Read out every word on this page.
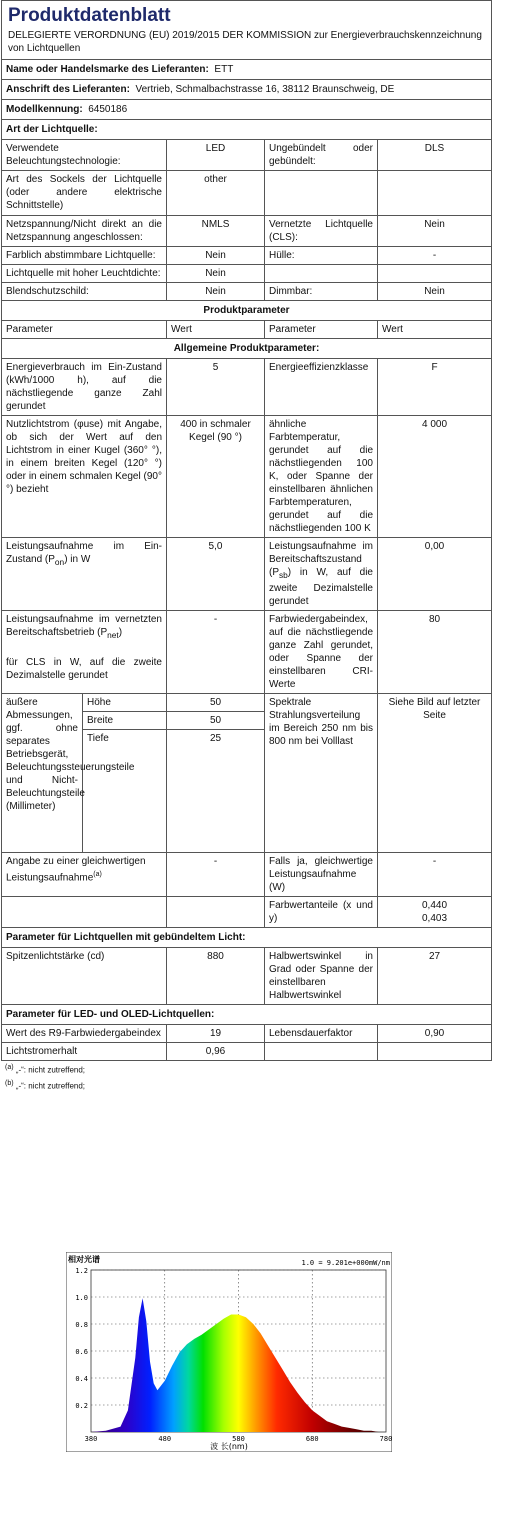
Produktdatenblatt
DELEGIERTE VERORDNUNG (EU) 2019/2015 DER KOMMISSION zur Energieverbrauchskennzeichnung von Lichtquellen				

Name oder Handelsmarke des Lieferanten: ETT				
Anschrift des Lieferanten: Vertrieb, Schmalbachstrasse 16, 38112 Braunschweig, DE				
Modellkennung: 6450186				
Art der Lichtquelle:				
Verwendete Beleuchtungstechnologie:		LED	Ungebündelt oder gebündelt:	DLS
Art des Sockels der Lichtquelle (oder andere elektrische Schnittstelle)		other		
Netzspannung/Nicht direkt an die Netzspannung angeschlossen:		NMLS	Vernetzte Lichtquelle (CLS):	Nein
Farblich abstimmbare Lichtquelle:		Nein	Hülle:	-
Lichtquelle mit hoher Leuchtdichte:		Nein		
Blendschutzschild:		Nein	Dimmbar:	Nein
Produktparameter				
Parameter		Wert	Parameter	Wert
Allgemeine Produktparameter:				
Energieverbrauch im Ein-Zustand (kWh/1000 h), auf die nächstliegende ganze Zahl gerundet		5	Energieeffizienzklasse	F
Nutzlichtstrom (φuse) mit Angabe, ob sich der Wert auf den Lichtstrom in einer Kugel (360° °), in einem breiten Kegel (120° °) oder in einem schmalen Kegel (90° °) bezieht		400 in schmaler Kegel (90 °)	ähnliche Farbtemperatur, gerundet auf die nächstliegenden 100 K, oder Spanne der einstellbaren ähnlichen Farbtemperaturen, gerundet auf die nächstliegenden 100 K	4 000
Leistungsaufnahme im Ein-Zustand $(P_{on})$ in W		5,0	Leistungsaufnahme im Bereitschaftszustand $(P_{sb})$ in W, auf die zweite Dezimalstelle gerundet	0,00
Leistungsaufnahme im vernetzten Bereitschaftsbetrieb $(P_{net})$
für CLS in W, auf die zweite Dezimalstelle gerundet		-	Farbwiedergabeindex, auf die nächstliegende ganze Zahl gerundet, oder Spanne der einstellbaren CRI-Werte	80
äußere Abmessungen, ggf. ohne separates Betriebsgerät, Beleuchtungssteuerungsteile und Nicht-Beleuchtungsteile (Millimeter)	Höhe	50	Spektrale Strahlungsverteilung im Bereich 250 nm bis 800 nm bei Volllast	Siehe Bild auf letzter Seite
	Breite	50		
	Tiefe	25		
Angabe zu einer gleichwertigen Leistungsaufnahme$^{(a)}$		-	Falls ja, gleichwertige Leistungsaufnahme (W)	-
			Farbwertanteile (x und y)	0,440
0,403

Parameter für Lichtquellen mit gebündeltem Licht:				
Spitzenlichtstärke (cd)		880	Halbwertswinkel in Grad oder Spanne der einstellbaren Halbwertswinkel	27
Parameter für LED- und OLED-Lichtquellen:				
Wert des R9-Farbwiedergabeindex		19	Lebensdauerfaktor	0,90
Lichtstromerhalt		0,96		
$^{(a)}$ „-“: nicht zutreffend;
$^{(b)}$ „-“: nicht zutreffend;
相对光谱	1.0 = 9.201e+000mW/nm
波 长(nm)
0.2
0.4
0.6
0.8
1.0
1.2
380	480	580	680	780
